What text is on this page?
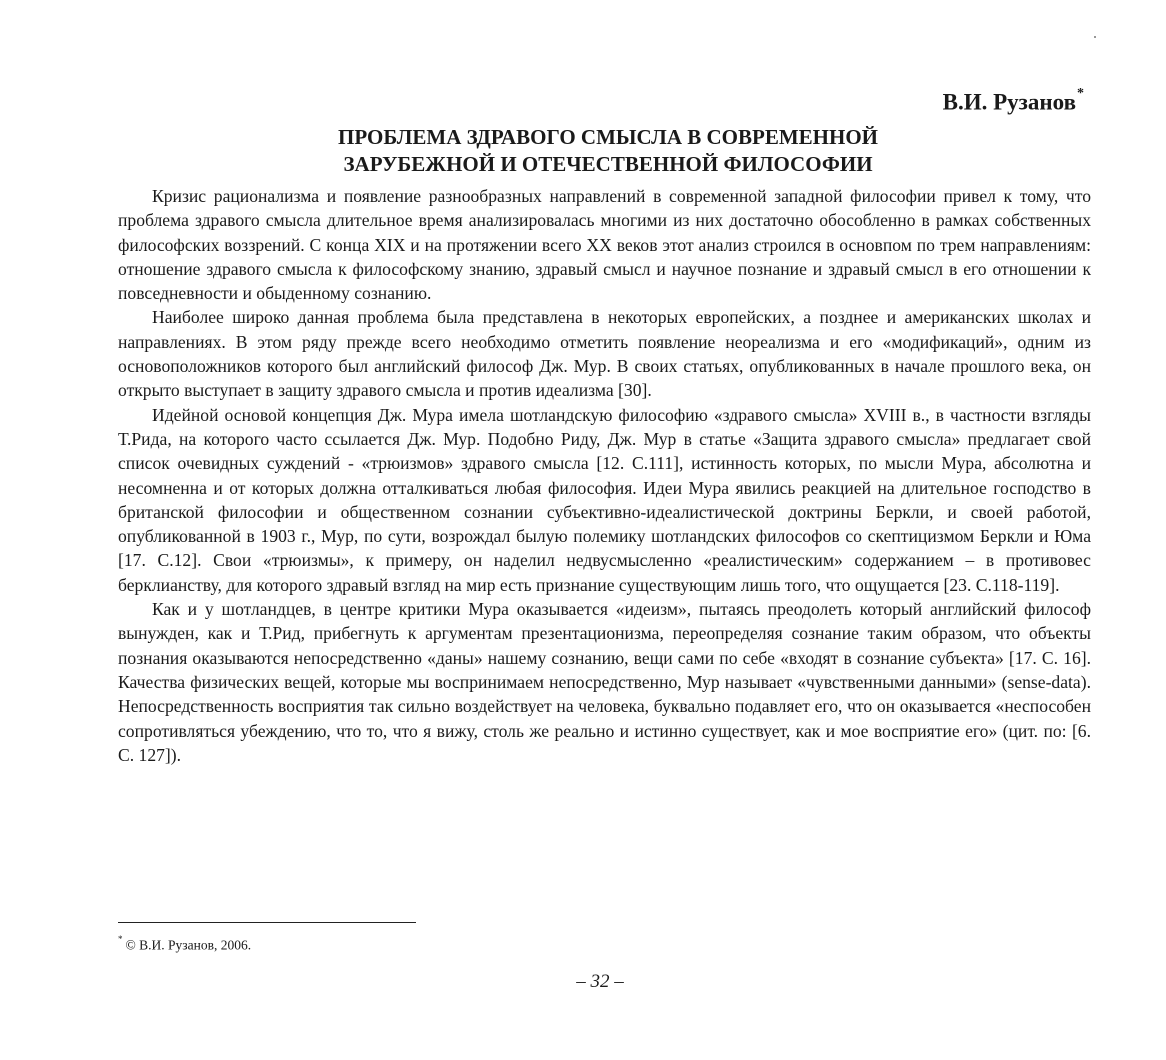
В.И. Рузанов*
ПРОБЛЕМА ЗДРАВОГО СМЫСЛА В СОВРЕМЕННОЙ
ЗАРУБЕЖНОЙ И ОТЕЧЕСТВЕННОЙ ФИЛОСОФИИ

Кризис рационализма и появление разнообразных направлений в современной западной философии привел к тому, что проблема здравого смысла длительное время анализировалась многими из них достаточно обособленно в рамках собственных философских воззрений. С конца XIX и на протяжении всего XX веков этот анализ строился в основпом по трем направлениям: отношение здравого смысла к философскому знанию, здравый смысл и научное познание и здравый смысл в его отношении к повседневности и обыденному сознанию.

Наиболее широко данная проблема была представлена в некоторых европейских, а позднее и американских школах и направлениях. В этом ряду прежде всего необходимо отметить появление неореализма и его «модификаций», одним из основоположников которого был английский философ Дж. Мур. В своих статьях, опубликованных в начале прошлого века, он открыто выступает в защиту здравого смысла и против идеализма [30].

Идейной основой концепция Дж. Мура имела шотландскую философию «здравого смысла» XVIII в., в частности взгляды Т.Рида, на которого часто ссылается Дж. Мур. Подобно Риду, Дж. Мур в статье «Защита здравого смысла» предлагает свой список очевидных суждений - «трюизмов» здравого смысла [12. С.111], истинность которых, по мысли Мура, абсолютна и несомненна и от которых должна отталкиваться любая философия. Идеи Мура явились реакцией на длительное господство в британской философии и общественном сознании субъективно-идеалистической доктрины Беркли, и своей работой, опубликованной в 1903 г., Мур, по сути, возрождал былую полемику шотландских философов со скептицизмом Беркли и Юма [17. С.12]. Свои «трюизмы», к примеру, он наделил недвусмысленно «реалистическим» содержанием – в противовес берклианству, для которого здравый взгляд на мир есть признание существующим лишь того, что ощущается [23. С.118-119].

Как и у шотландцев, в центре критики Мура оказывается «идеизм», пытаясь преодолеть который английский философ вынужден, как и Т.Рид, прибегнуть к аргументам презентационизма, переопределяя сознание таким образом, что объекты познания оказываются непосредственно «даны» нашему сознанию, вещи сами по себе «входят в сознание субъекта» [17. С. 16]. Качества физических вещей, которые мы воспринимаем непосредственно, Мур называет «чувственными данными» (sense-data). Непосредственность восприятия так сильно воздействует на человека, буквально подавляет его, что он оказывается «неспособен сопротивляться убеждению, что то, что я вижу, столь же реально и истинно существует, как и мое восприятие его» (цит. по: [6. С. 127]).

* © В.И. Рузанов, 2006.
– 32 –
